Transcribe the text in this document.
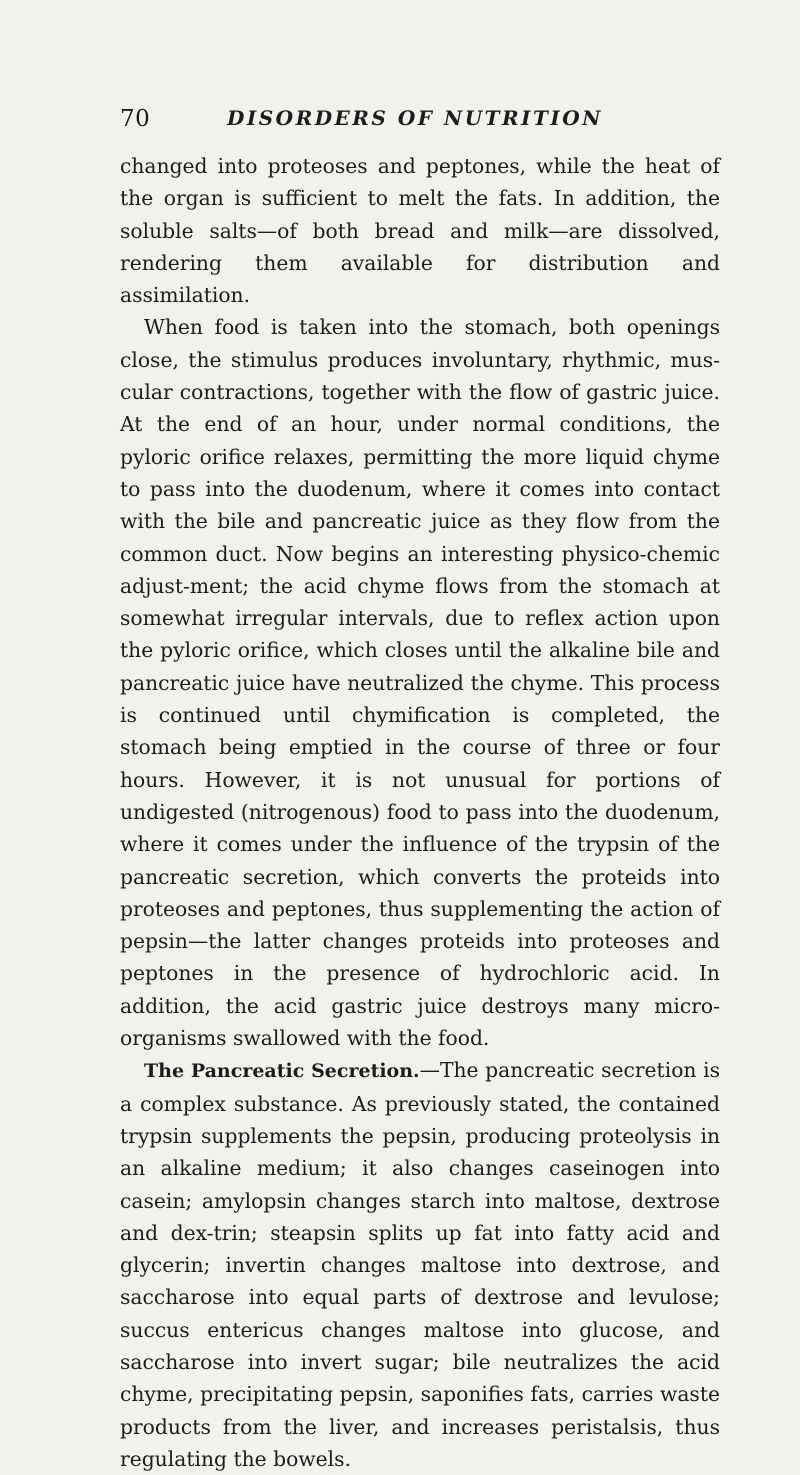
70	DISORDERS OF NUTRITION

changed into proteoses and peptones, while the heat of the organ is sufficient to melt the fats. In addition, the soluble salts—of both bread and milk—are dissolved, rendering them available for distribution and assimilation.

When food is taken into the stomach, both openings close, the stimulus produces involuntary, rhythmic, mus-cular contractions, together with the flow of gastric juice. At the end of an hour, under normal conditions, the pyloric orifice relaxes, permitting the more liquid chyme to pass into the duodenum, where it comes into contact with the bile and pancreatic juice as they flow from the common duct. Now begins an interesting physico-chemic adjust-ment; the acid chyme flows from the stomach at somewhat irregular intervals, due to reflex action upon the pyloric orifice, which closes until the alkaline bile and pancreatic juice have neutralized the chyme. This process is continued until chymification is completed, the stomach being emptied in the course of three or four hours. However, it is not unusual for portions of undigested (nitrogenous) food to pass into the duodenum, where it comes under the influence of the trypsin of the pancreatic secretion, which converts the proteids into proteoses and peptones, thus supplementing the action of pepsin—the latter changes proteids into proteoses and peptones in the presence of hydrochloric acid. In addition, the acid gastric juice destroys many micro-organisms swallowed with the food.

The Pancreatic Secretion.—The pancreatic secretion is a complex substance. As previously stated, the contained trypsin supplements the pepsin, producing proteolysis in an alkaline medium; it also changes caseinogen into casein; amylopsin changes starch into maltose, dextrose and dex-trin; steapsin splits up fat into fatty acid and glycerin; invertin changes maltose into dextrose, and saccharose into equal parts of dextrose and levulose; succus entericus changes maltose into glucose, and saccharose into invert sugar; bile neutralizes the acid chyme, precipitating pepsin, saponifies fats, carries waste products from the liver, and increases peristalsis, thus regulating the bowels.
